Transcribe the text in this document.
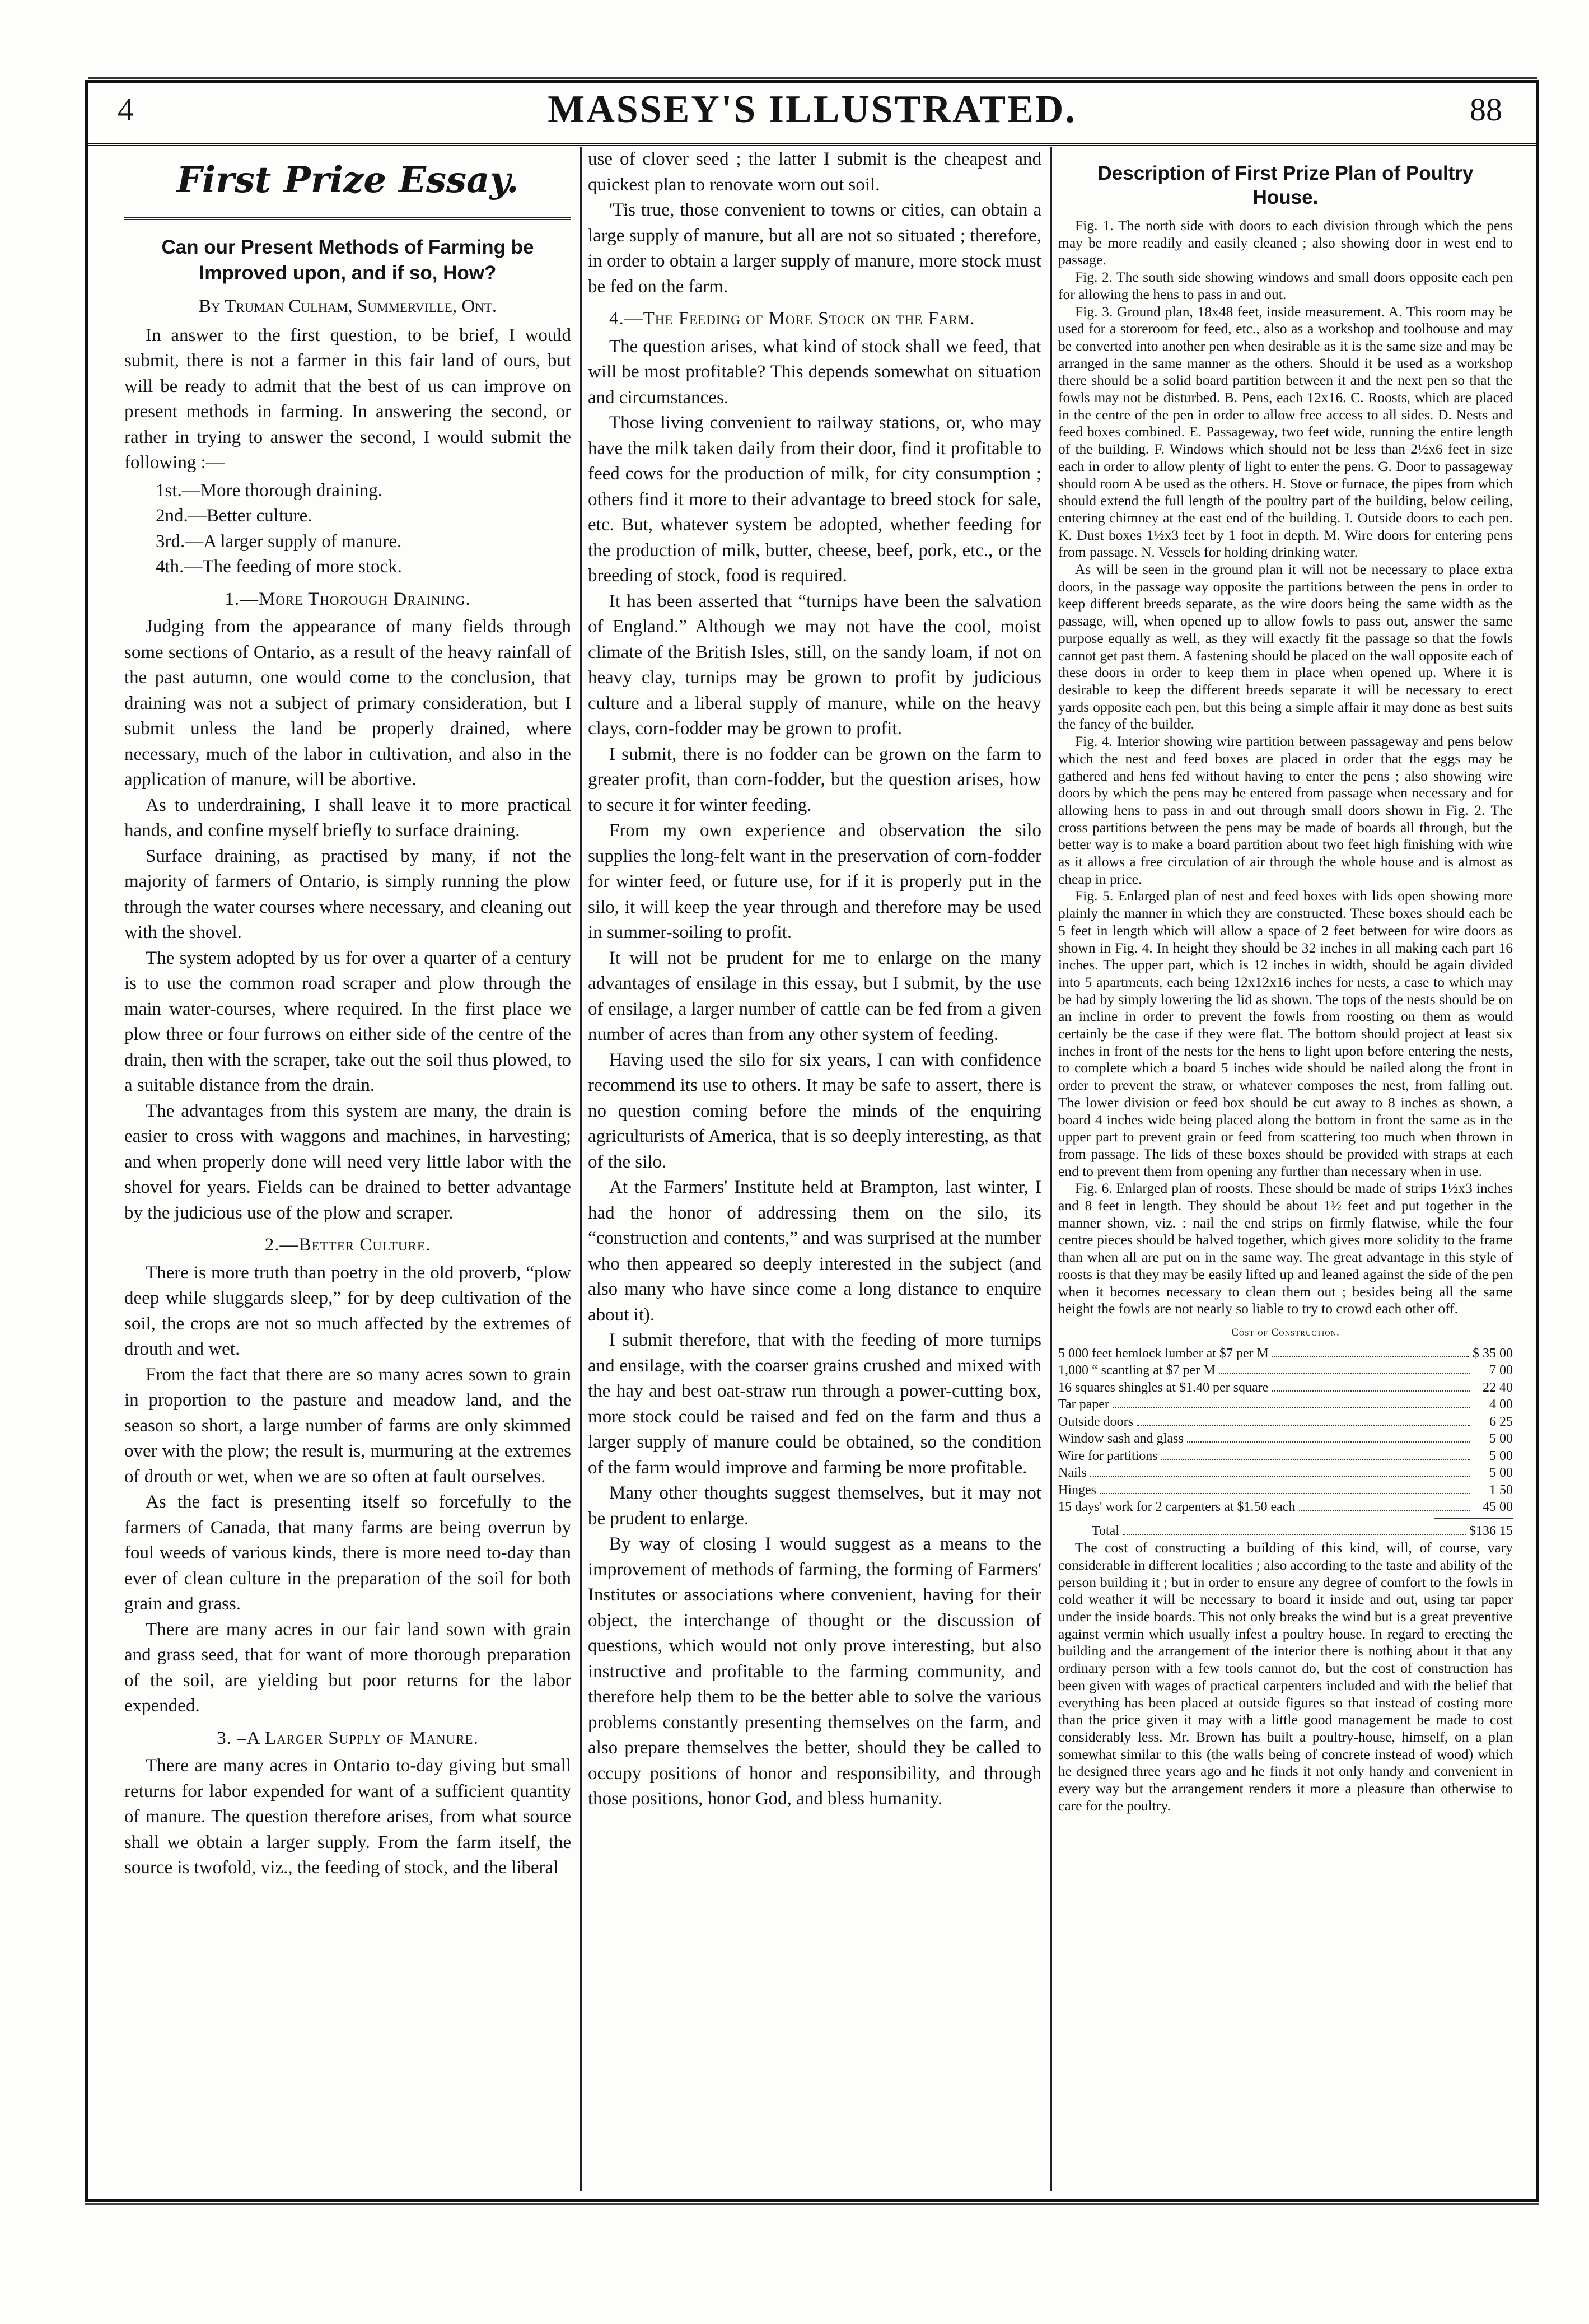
4	MASSEY'S ILLUSTRATED.	88
First Prize Essay.
Can our Present Methods of Farming be Improved upon, and if so, How?
By Truman Culham, Summerville, Ont.

In answer to the first question, to be brief, I would submit, there is not a farmer in this fair land of ours, but will be ready to admit that the best of us can improve on present methods in farming. In answering the second, or rather in trying to answer the second, I would submit the following :—

1st.—More thorough draining.
2nd.—Better culture.
3rd.—A larger supply of manure.
4th.—The feeding of more stock.
1.—More Thorough Draining.

Judging from the appearance of many fields through some sections of Ontario, as a result of the heavy rainfall of the past autumn, one would come to the conclusion, that draining was not a subject of primary consideration, but I submit unless the land be properly drained, where necessary, much of the labor in cultivation, and also in the application of manure, will be abortive.

As to underdraining, I shall leave it to more practical hands, and confine myself briefly to surface draining.

Surface draining, as practised by many, if not the majority of farmers of Ontario, is simply running the plow through the water courses where necessary, and cleaning out with the shovel.

The system adopted by us for over a quarter of a century is to use the common road scraper and plow through the main water-courses, where required. In the first place we plow three or four furrows on either side of the centre of the drain, then with the scraper, take out the soil thus plowed, to a suitable distance from the drain.

The advantages from this system are many, the drain is easier to cross with waggons and machines, in harvesting; and when properly done will need very little labor with the shovel for years. Fields can be drained to better advantage by the judicious use of the plow and scraper.

2.—Better Culture.

There is more truth than poetry in the old proverb, “plow deep while sluggards sleep,” for by deep cultivation of the soil, the crops are not so much affected by the extremes of drouth and wet.

From the fact that there are so many acres sown to grain in proportion to the pasture and meadow land, and the season so short, a large number of farms are only skimmed over with the plow; the result is, murmuring at the extremes of drouth or wet, when we are so often at fault ourselves.

As the fact is presenting itself so forcefully to the farmers of Canada, that many farms are being overrun by foul weeds of various kinds, there is more need to-day than ever of clean culture in the preparation of the soil for both grain and grass.

There are many acres in our fair land sown with grain and grass seed, that for want of more thorough preparation of the soil, are yielding but poor returns for the labor expended.

3. –A Larger Supply of Manure.

There are many acres in Ontario to-day giving but small returns for labor expended for want of a sufficient quantity of manure. The question therefore arises, from what source shall we obtain a larger supply. From the farm itself, the source is twofold, viz., the feeding of stock, and the liberal

use of clover seed ; the latter I submit is the cheapest and quickest plan to renovate worn out soil.

'Tis true, those convenient to towns or cities, can obtain a large supply of manure, but all are not so situated ; therefore, in order to obtain a larger supply of manure, more stock must be fed on the farm.

4.—The Feeding of More Stock on the Farm.

The question arises, what kind of stock shall we feed, that will be most profitable? This depends somewhat on situation and circumstances.

Those living convenient to railway stations, or, who may have the milk taken daily from their door, find it profitable to feed cows for the production of milk, for city consumption ; others find it more to their advantage to breed stock for sale, etc. But, whatever system be adopted, whether feeding for the production of milk, butter, cheese, beef, pork, etc., or the breeding of stock, food is required.

It has been asserted that “turnips have been the salvation of England.” Although we may not have the cool, moist climate of the British Isles, still, on the sandy loam, if not on heavy clay, turnips may be grown to profit by judicious culture and a liberal supply of manure, while on the heavy clays, corn-fodder may be grown to profit.

I submit, there is no fodder can be grown on the farm to greater profit, than corn-fodder, but the question arises, how to secure it for winter feeding.

From my own experience and observation the silo supplies the long-felt want in the preservation of corn-fodder for winter feed, or future use, for if it is properly put in the silo, it will keep the year through and therefore may be used in summer-soiling to profit.

It will not be prudent for me to enlarge on the many advantages of ensilage in this essay, but I submit, by the use of ensilage, a larger number of cattle can be fed from a given number of acres than from any other system of feeding.

Having used the silo for six years, I can with confidence recommend its use to others. It may be safe to assert, there is no question coming before the minds of the enquiring agriculturists of America, that is so deeply interesting, as that of the silo.

At the Farmers' Institute held at Brampton, last winter, I had the honor of addressing them on the silo, its “construction and contents,” and was surprised at the number who then appeared so deeply interested in the subject (and also many who have since come a long distance to enquire about it).

I submit therefore, that with the feeding of more turnips and ensilage, with the coarser grains crushed and mixed with the hay and best oat-straw run through a power-cutting box, more stock could be raised and fed on the farm and thus a larger supply of manure could be obtained, so the condition of the farm would improve and farming be more profitable.

Many other thoughts suggest themselves, but it may not be prudent to enlarge.

By way of closing I would suggest as a means to the improvement of methods of farming, the forming of Farmers' Institutes or associations where convenient, having for their object, the interchange of thought or the discussion of questions, which would not only prove interesting, but also instructive and profitable to the farming community, and therefore help them to be the better able to solve the various problems constantly presenting themselves on the farm, and also prepare themselves the better, should they be called to occupy positions of honor and responsibility, and through those positions, honor God, and bless humanity.

Description of First Prize Plan of Poultry House.

Fig. 1. The north side with doors to each division through which the pens may be more readily and easily cleaned ; also showing door in west end to passage.

Fig. 2. The south side showing windows and small doors opposite each pen for allowing the hens to pass in and out.

Fig. 3. Ground plan, 18x48 feet, inside measurement. A. This room may be used for a storeroom for feed, etc., also as a workshop and toolhouse and may be converted into another pen when desirable as it is the same size and may be arranged in the same manner as the others. Should it be used as a workshop there should be a solid board partition between it and the next pen so that the fowls may not be disturbed. B. Pens, each 12x16. C. Roosts, which are placed in the centre of the pen in order to allow free access to all sides. D. Nests and feed boxes combined. E. Passageway, two feet wide, running the entire length of the building. F. Windows which should not be less than 2½x6 feet in size each in order to allow plenty of light to enter the pens. G. Door to passageway should room A be used as the others. H. Stove or furnace, the pipes from which should extend the full length of the poultry part of the building, below ceiling, entering chimney at the east end of the building. I. Outside doors to each pen. K. Dust boxes 1½x3 feet by 1 foot in depth. M. Wire doors for entering pens from passage. N. Vessels for holding drinking water.

As will be seen in the ground plan it will not be necessary to place extra doors, in the passage way opposite the partitions between the pens in order to keep different breeds separate, as the wire doors being the same width as the passage, will, when opened up to allow fowls to pass out, answer the same purpose equally as well, as they will exactly fit the passage so that the fowls cannot get past them. A fastening should be placed on the wall opposite each of these doors in order to keep them in place when opened up. Where it is desirable to keep the different breeds separate it will be necessary to erect yards opposite each pen, but this being a simple affair it may done as best suits the fancy of the builder.

Fig. 4. Interior showing wire partition between passageway and pens below which the nest and feed boxes are placed in order that the eggs may be gathered and hens fed without having to enter the pens ; also showing wire doors by which the pens may be entered from passage when necessary and for allowing hens to pass in and out through small doors shown in Fig. 2. The cross partitions between the pens may be made of boards all through, but the better way is to make a board partition about two feet high finishing with wire as it allows a free circulation of air through the whole house and is almost as cheap in price.

Fig. 5. Enlarged plan of nest and feed boxes with lids open showing more plainly the manner in which they are constructed. These boxes should each be 5 feet in length which will allow a space of 2 feet between for wire doors as shown in Fig. 4. In height they should be 32 inches in all making each part 16 inches. The upper part, which is 12 inches in width, should be again divided into 5 apartments, each being 12x12x16 inches for nests, a case to which may be had by simply lowering the lid as shown. The tops of the nests should be on an incline in order to prevent the fowls from roosting on them as would certainly be the case if they were flat. The bottom should project at least six inches in front of the nests for the hens to light upon before entering the nests, to complete which a board 5 inches wide should be nailed along the front in order to prevent the straw, or whatever composes the nest, from falling out. The lower division or feed box should be cut away to 8 inches as shown, a board 4 inches wide being placed along the bottom in front the same as in the upper part to prevent grain or feed from scattering too much when thrown in from passage. The lids of these boxes should be provided with straps at each end to prevent them from opening any further than necessary when in use.

Fig. 6. Enlarged plan of roosts. These should be made of strips 1½x3 inches and 8 feet in length. They should be about 1½ feet and put together in the manner shown, viz. : nail the end strips on firmly flatwise, while the four centre pieces should be halved together, which gives more solidity to the frame than when all are put on in the same way. The great advantage in this style of roosts is that they may be easily lifted up and leaned against the side of the pen when it becomes necessary to clean them out ; besides being all the same height the fowls are not nearly so liable to try to crowd each other off.

Cost of Construction.
5 000 feet hemlock lumber at $7 per M	$ 35 00
1,000 “ scantling at $7 per M	7 00
16 squares shingles at $1.40 per square	22 40
Tar paper	4 00
Outside doors	6 25
Window sash and glass	5 00
Wire for partitions	5 00
Nails	5 00
Hinges	1 50
15 days' work for 2 carpenters at $1.50 each	45 00
Total	$136 15

The cost of constructing a building of this kind, will, of course, vary considerable in different localities ; also according to the taste and ability of the person building it ; but in order to ensure any degree of comfort to the fowls in cold weather it will be necessary to board it inside and out, using tar paper under the inside boards. This not only breaks the wind but is a great preventive against vermin which usually infest a poultry house. In regard to erecting the building and the arrangement of the interior there is nothing about it that any ordinary person with a few tools cannot do, but the cost of construction has been given with wages of practical carpenters included and with the belief that everything has been placed at outside figures so that instead of costing more than the price given it may with a little good management be made to cost considerably less. Mr. Brown has built a poultry-house, himself, on a plan somewhat similar to this (the walls being of concrete instead of wood) which he designed three years ago and he finds it not only handy and convenient in every way but the arrangement renders it more a pleasure than otherwise to care for the poultry.
